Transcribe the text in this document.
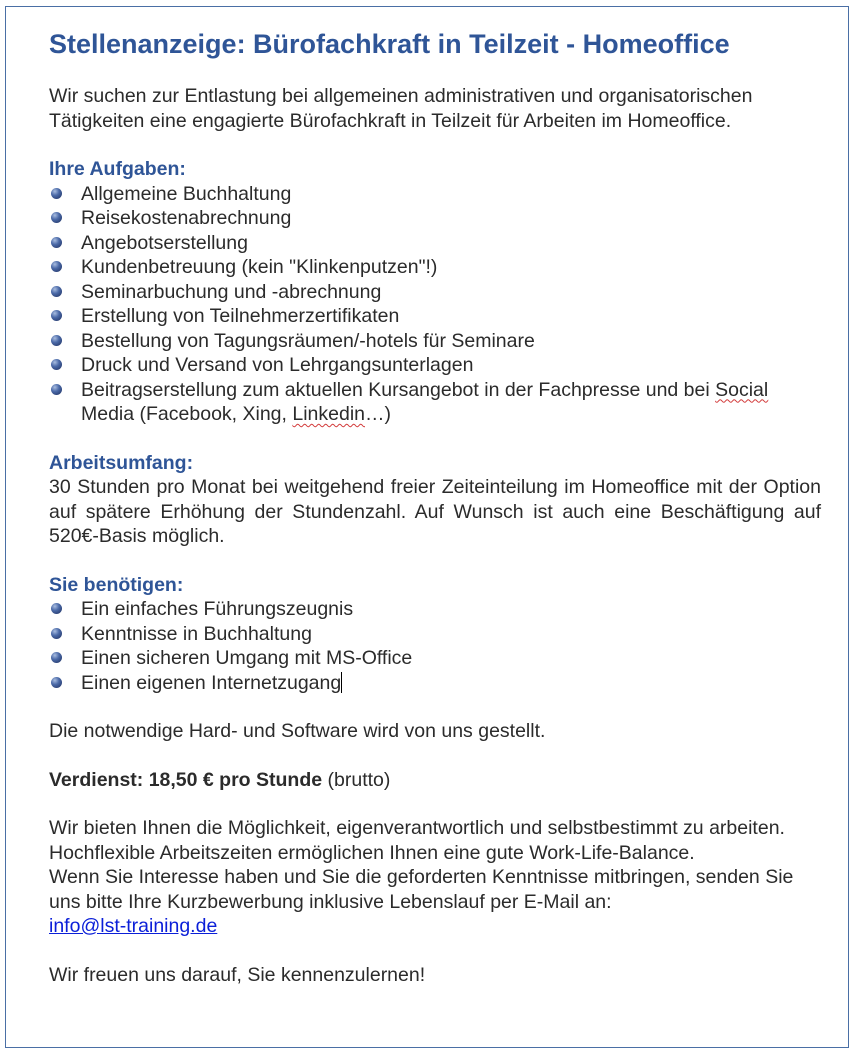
Stellenanzeige: Bürofachkraft in Teilzeit - Homeoffice

Wir suchen zur Entlastung bei allgemeinen administrativen und organisatorischen Tätigkeiten eine engagierte Bürofachkraft in Teilzeit für Arbeiten im Homeoffice.

Ihre Aufgaben:
Allgemeine Buchhaltung
Reisekostenabrechnung
Angebotserstellung
Kundenbetreuung (kein "Klinkenputzen"!)
Seminarbuchung und -abrechnung
Erstellung von Teilnehmerzertifikaten
Bestellung von Tagungsräumen/-hotels für Seminare
Druck und Versand von Lehrgangsunterlagen
Beitragserstellung zum aktuellen Kursangebot in der Fachpresse und bei Social Media (Facebook, Xing, Linkedin…)
Arbeitsumfang:

30 Stunden pro Monat bei weitgehend freier Zeiteinteilung im Homeoffice mit der Option auf spätere Erhöhung der Stundenzahl. Auf Wunsch ist auch eine Beschäftigung auf 520€-Basis möglich.

Sie benötigen:
Ein einfaches Führungszeugnis
Kenntnisse in Buchhaltung
Einen sicheren Umgang mit MS-Office
Einen eigenen Internetzugang

Die notwendige Hard- und Software wird von uns gestellt.

Verdienst: 18,50 € pro Stunde (brutto)

Wir bieten Ihnen die Möglichkeit, eigenverantwortlich und selbstbestimmt zu arbeiten. Hochflexible Arbeitszeiten ermöglichen Ihnen eine gute Work-Life-Balance.

Wenn Sie Interesse haben und Sie die geforderten Kenntnisse mitbringen, senden Sie uns bitte Ihre Kurzbewerbung inklusive Lebenslauf per E-Mail an:

info@lst-training.de

Wir freuen uns darauf, Sie kennenzulernen!
